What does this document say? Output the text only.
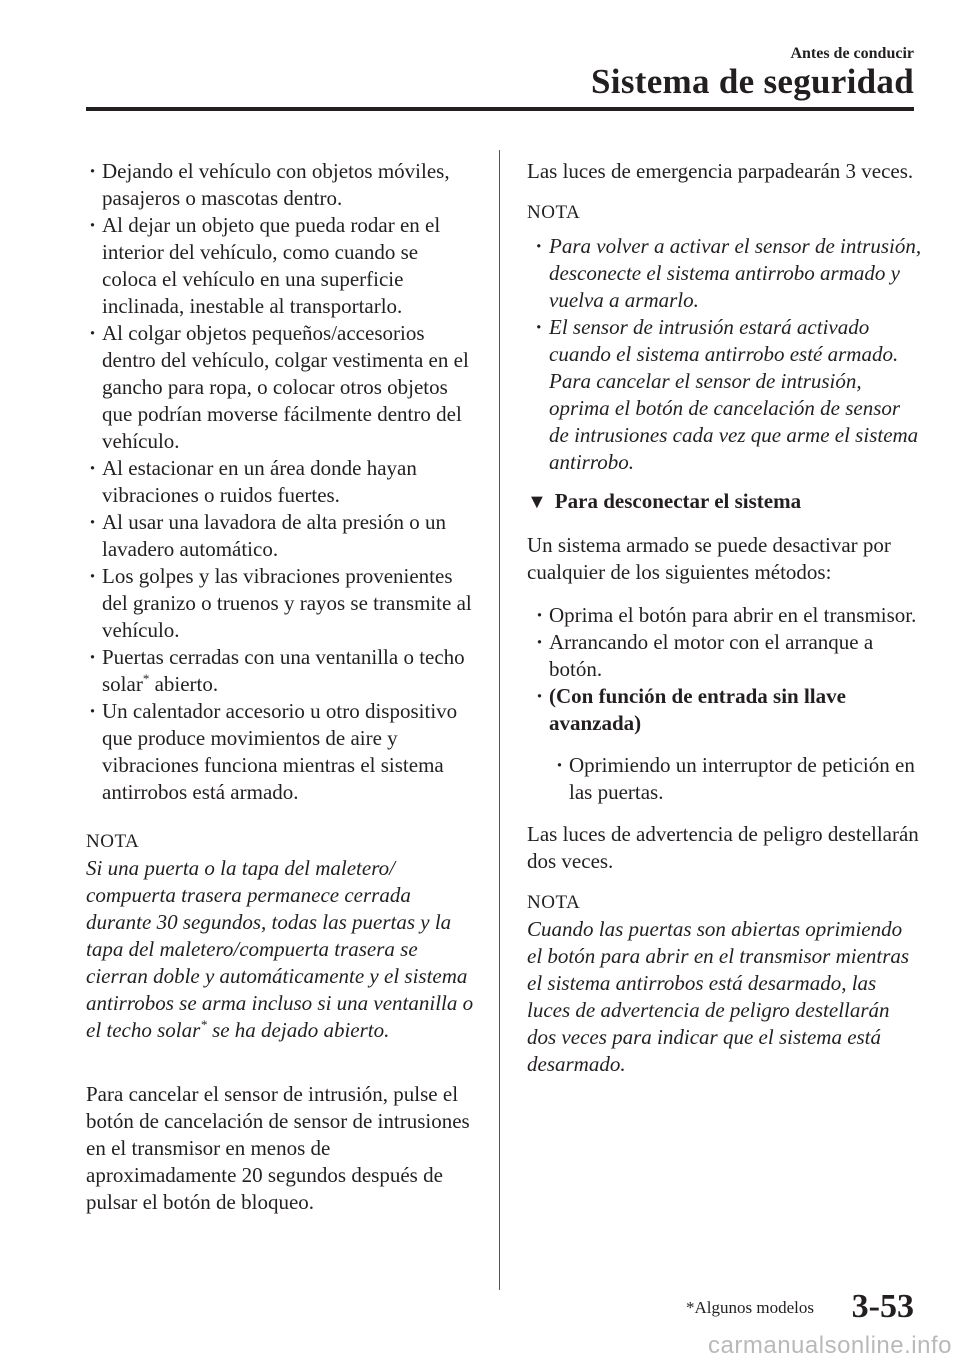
Antes de conducir
Sistema de seguridad
· Dejando el vehículo con objetos móviles, pasajeros o mascotas dentro.
· Al dejar un objeto que pueda rodar en el interior del vehículo, como cuando se coloca el vehículo en una superficie inclinada, inestable al transportarlo.
· Al colgar objetos pequeños/accesorios dentro del vehículo, colgar vestimenta en el gancho para ropa, o colocar otros objetos que podrían moverse fácilmente dentro del vehículo.
· Al estacionar en un área donde hayan vibraciones o ruidos fuertes.
· Al usar una lavadora de alta presión o un lavadero automático.
· Los golpes y las vibraciones provenientes del granizo o truenos y rayos se transmite al vehículo.
· Puertas cerradas con una ventanilla o techo solar* abierto.
· Un calentador accesorio u otro dispositivo que produce movimientos de aire y vibraciones funciona mientras el sistema antirrobos está armado.
NOTA
Si una puerta o la tapa del maletero/ compuerta trasera permanece cerrada durante 30 segundos, todas las puertas y la tapa del maletero/compuerta trasera se cierran doble y automáticamente y el sistema antirrobos se arma incluso si una ventanilla o el techo solar* se ha dejado abierto.

Para cancelar el sensor de intrusión, pulse el botón de cancelación de sensor de intrusiones en el transmisor en menos de aproximadamente 20 segundos después de pulsar el botón de bloqueo.

Las luces de emergencia parpadearán 3 veces.

NOTA
· Para volver a activar el sensor de intrusión, desconecte el sistema antirrobo armado y vuelva a armarlo.
· El sensor de intrusión estará activado cuando el sistema antirrobo esté armado. Para cancelar el sensor de intrusión, oprima el botón de cancelación de sensor de intrusiones cada vez que arme el sistema antirrobo.
▼ Para desconectar el sistema

Un sistema armado se puede desactivar por cualquier de los siguientes métodos:

· Oprima el botón para abrir en el transmisor.
· Arrancando el motor con el arranque a botón.
· (Con función de entrada sin llave avanzada)
· Oprimiendo un interruptor de petición en las puertas.

Las luces de advertencia de peligro destellarán dos veces.

NOTA
Cuando las puertas son abiertas oprimiendo el botón para abrir en el transmisor mientras el sistema antirrobos está desarmado, las luces de advertencia de peligro destellarán dos veces para indicar que el sistema está desarmado.
*Algunos modelos 3-53
carmanualsonline.info
